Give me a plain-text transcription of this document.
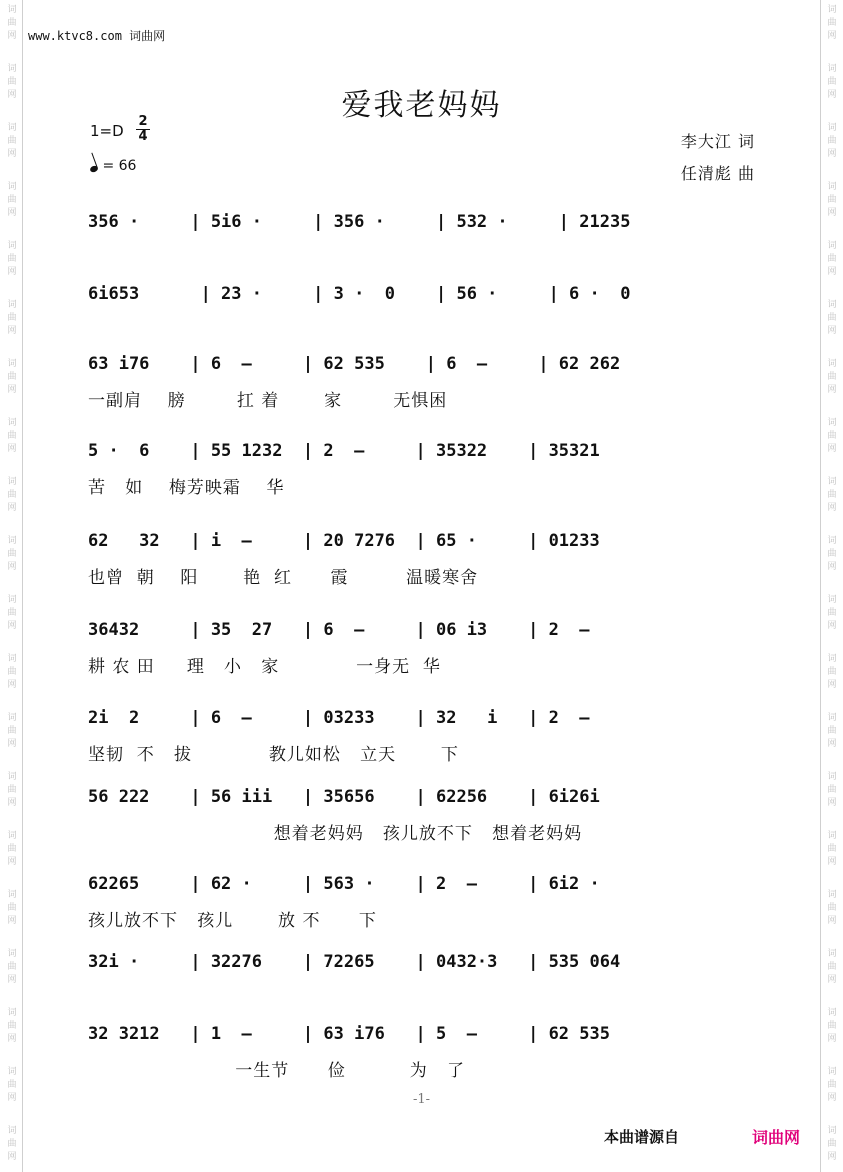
词
曲
网
词
曲
网
词
曲
网
词
曲
网
词
曲
网
词
曲
网
词
曲
网
词
曲
网
词
曲
网
词
曲
网
词
曲
网
词
曲
网
词
曲
网
词
曲
网
词
曲
网
词
曲
网
词
曲
网
词
曲
网
词
曲
网
词
曲
网
词
曲
网
词
曲
网
词
曲
网
词
曲
网
词
曲
网
词
曲
网
词
曲
网
词
曲
网
词
曲
网
词
曲
网
词
曲
网
词
曲
网
词
曲
网
词
曲
网
词
曲
网
词
曲
网
词
曲
网
词
曲
网
词
曲
网
词
曲
网
www.ktvc8.com 词曲网
爱我老妈妈
1=D
2
4
= 66
李大江 词
任清彪 曲
356 ·     | 5i6 ·     | 356 ·     | 532 ·     | 21235
6i653      | 23 ·     | 3 ·  0    | 56 ·     | 6 ·  0
63 i76    | 6  –     | 62 535    | 6  –     | 62 262
一副肩    膀        扛 着       家        无惧困
5 ·  6    | 55 1232  | 2  –     | 35322    | 35321
苦   如    梅芳映霜    华
62   32   | i  –     | 20 7276  | 65 ·     | 01233
也曾  朝    阳       艳  红      霞         温暖寒舍
36432     | 35  27   | 6  –     | 06 i3    | 2  –
耕 农 田     理   小   家            一身无  华
2i  2     | 6  –     | 03233    | 32   i   | 2  –
坚韧  不   拔            教儿如松   立天       下
56 222    | 56 iii   | 35656    | 62256    | 6i26i
想着老妈妈   孩儿放不下   想着老妈妈
62265     | 62 ·     | 563 ·    | 2  –     | 6i2 ·
孩儿放不下   孩儿       放 不      下
32i ·     | 32276    | 72265    | 0432·3   | 535 064
32 3212   | 1  –     | 63 i76   | 5  –     | 62 535
一生节      俭          为   了
-1-
本曲谱源自	词曲网
